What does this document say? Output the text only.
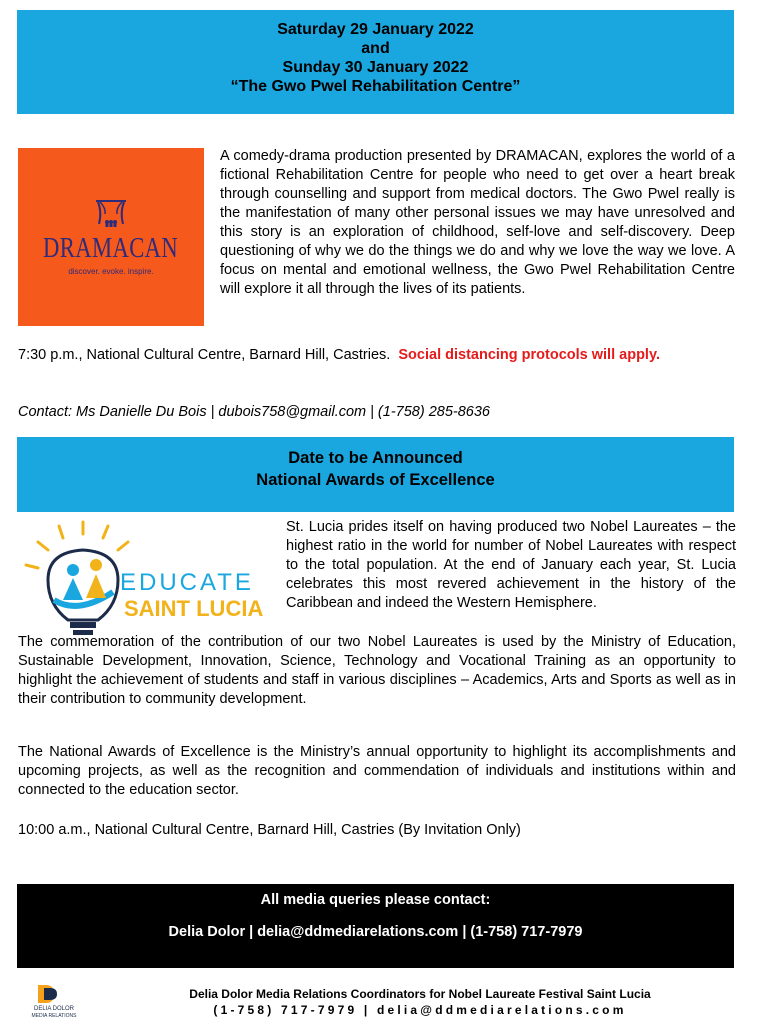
Saturday 29 January 2022
and
Sunday 30 January 2022
“The Gwo Pwel Rehabilitation Centre”
DRAMACAN
discover. evoke. inspire.
A comedy-drama production presented by DRAMACAN, explores the world of a fictional Rehabilitation Centre for people who need to get over a heart break through counselling and support from medical doctors. The Gwo Pwel really is the manifestation of many other personal issues we may have unresolved and this story is an exploration of childhood, self-love and self-discovery. Deep questioning of why we do the things we do and why we love the way we love. A focus on mental and emotional wellness, the Gwo Pwel Rehabilitation Centre will explore it all through the lives of its patients.
7:30 p.m., National Cultural Centre, Barnard Hill, Castries. Social distancing protocols will apply.
Contact: Ms Danielle Du Bois | dubois758@gmail.com | (1-758) 285-8636
Date to be Announced
National Awards of Excellence
EDUCATE
SAINT LUCIA
St. Lucia prides itself on having produced two Nobel Laureates – the highest ratio in the world for number of Nobel Laureates with respect to the total population. At the end of January each year, St. Lucia celebrates this most revered achievement in the history of the Caribbean and indeed the Western Hemisphere.
The commemoration of the contribution of our two Nobel Laureates is used by the Ministry of Education, Sustainable Development, Innovation, Science, Technology and Vocational Training as an opportunity to highlight the achievement of students and staff in various disciplines – Academics, Arts and Sports as well as in their contribution to community development.
The National Awards of Excellence is the Ministry’s annual opportunity to highlight its accomplishments and upcoming projects, as well as the recognition and commendation of individuals and institutions within and connected to the education sector.
10:00 a.m., National Cultural Centre, Barnard Hill, Castries (By Invitation Only)
All media queries please contact:
Delia Dolor | delia@ddmediarelations.com | (1-758) 717-7979
DELIA DOLOR
MEDIA RELATIONS
Delia Dolor Media Relations Coordinators for Nobel Laureate Festival Saint Lucia
(1-758) 717-7979 | delia@ddmediarelations.com
